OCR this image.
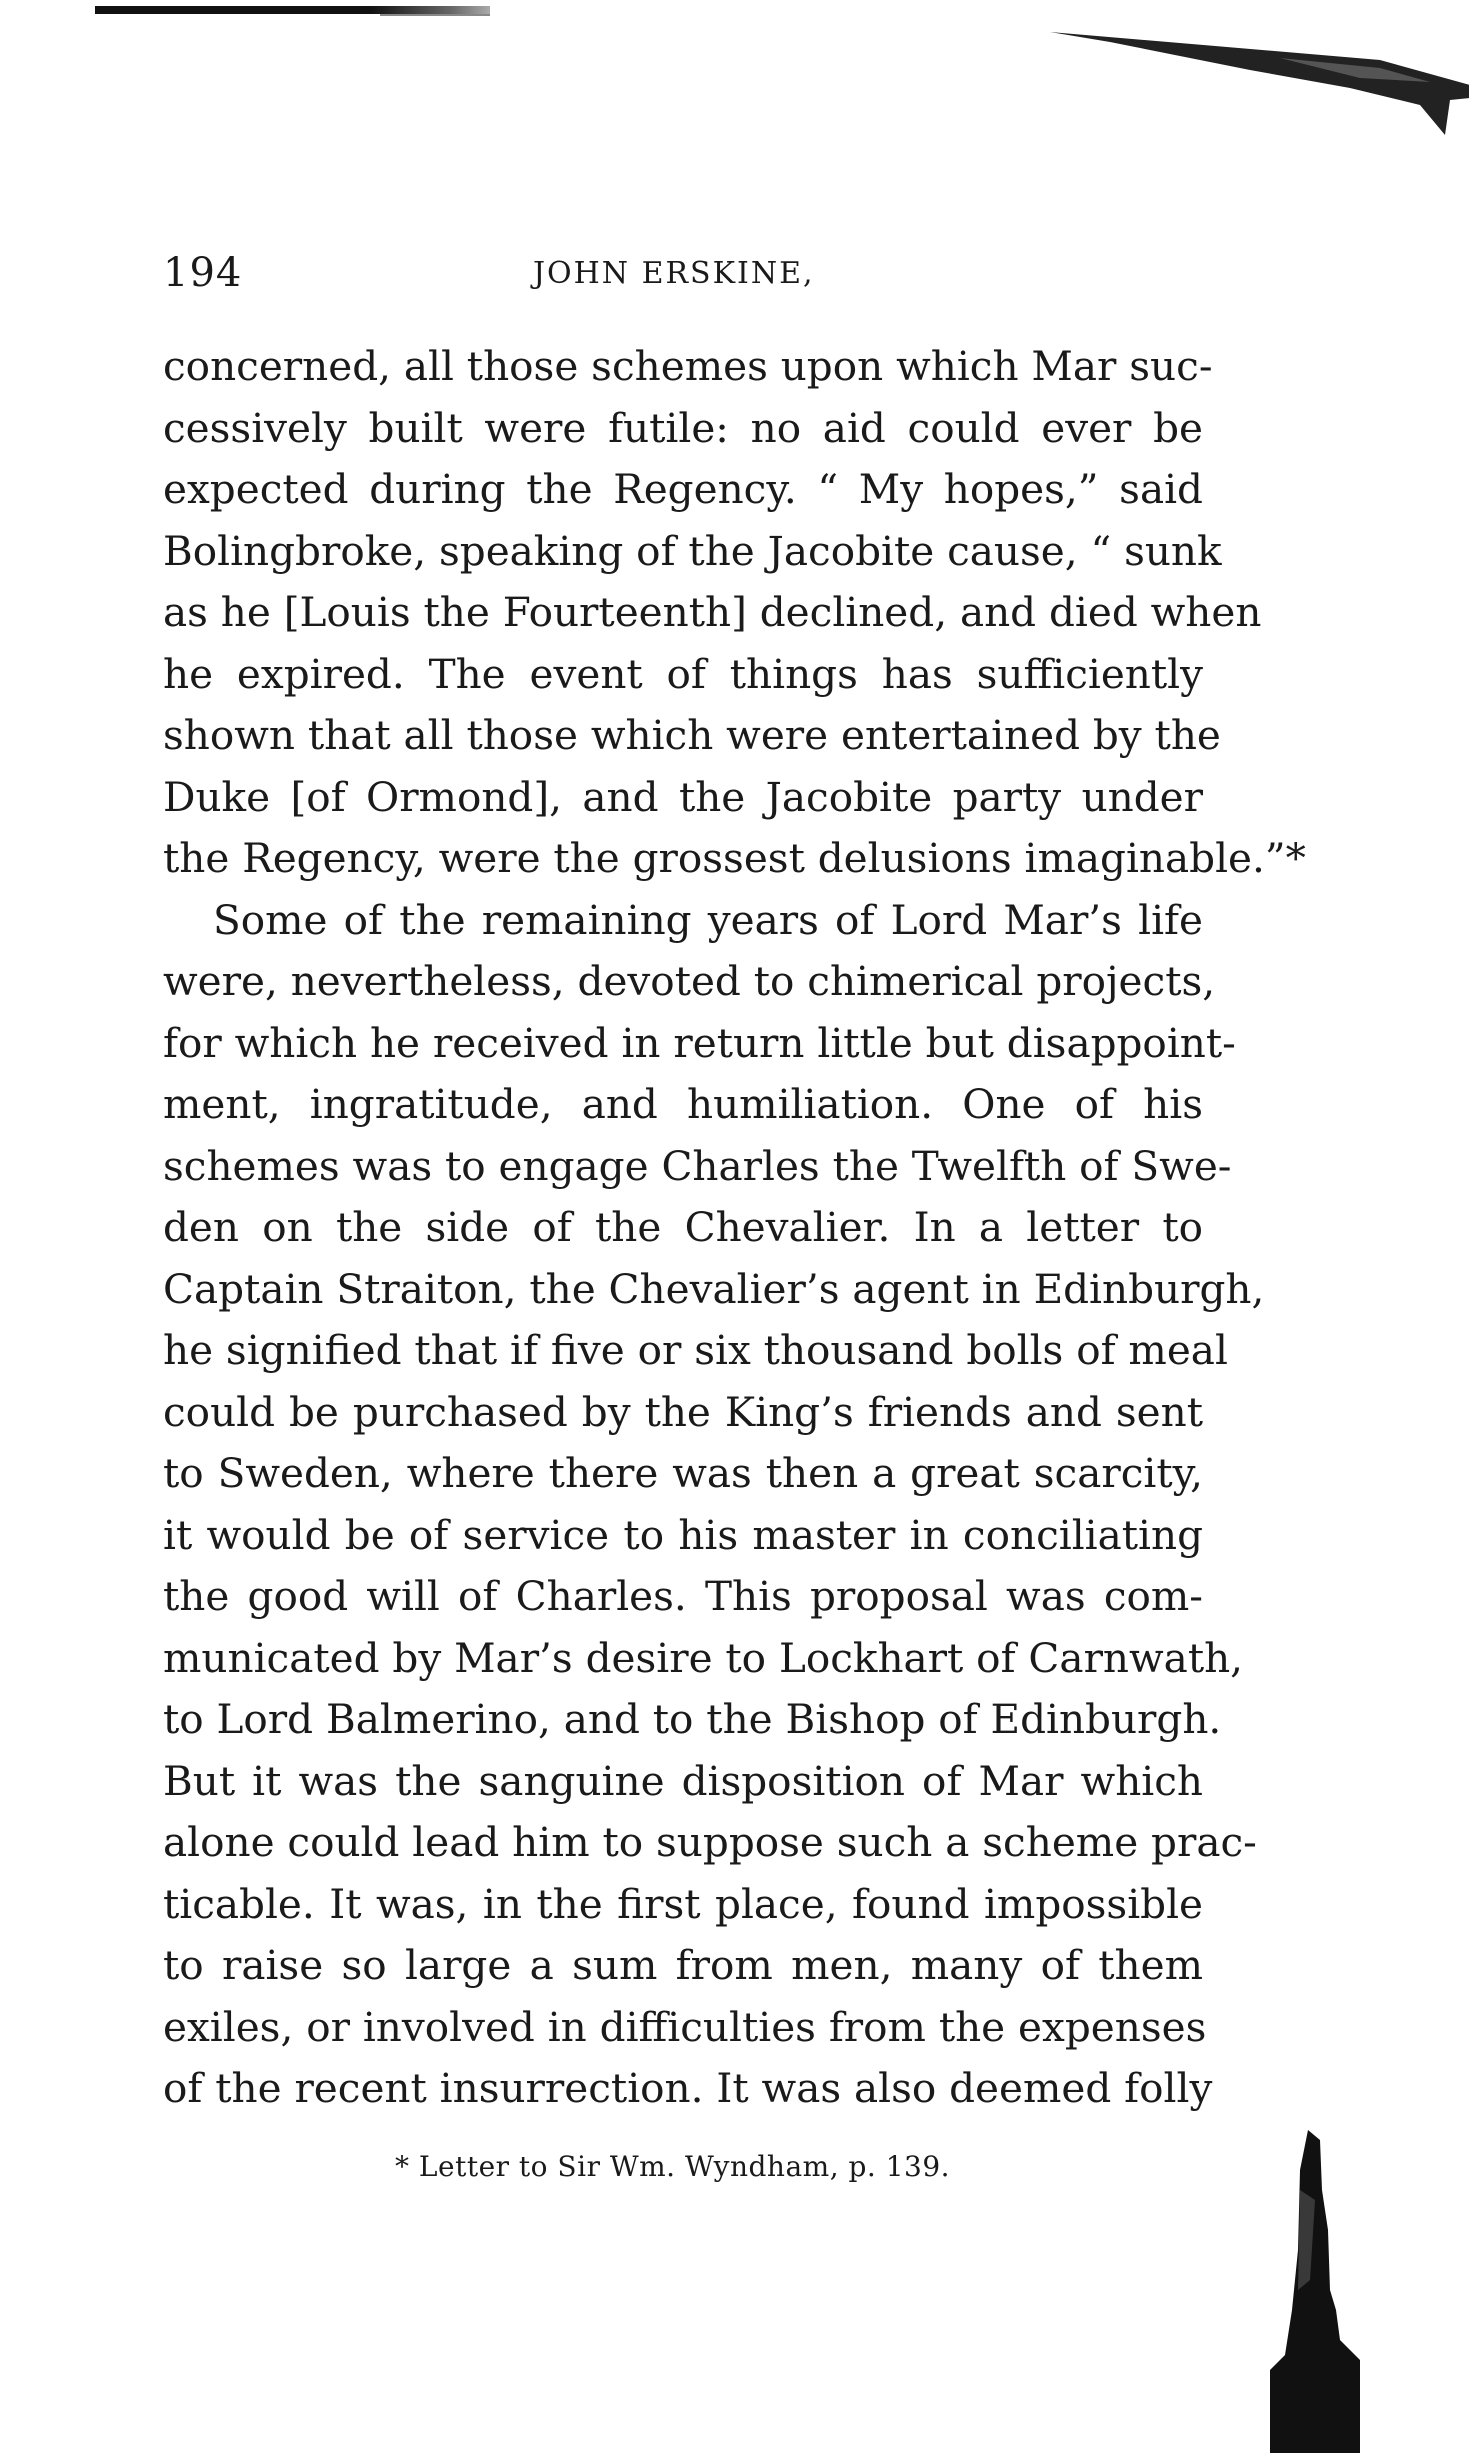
194	JOHN ERSKINE,
concerned, all those schemes upon which Mar suc-
cessively built were futile: no aid could ever be
expected during the Regency. “ My hopes,” said
Bolingbroke, speaking of the Jacobite cause, “ sunk
as he [Louis the Fourteenth] declined, and died when
he expired. The event of things has sufficiently
shown that all those which were entertained by the
Duke [of Ormond], and the Jacobite party under
the Regency, were the grossest delusions imaginable.”*
Some of the remaining years of Lord Mar’s life
were, nevertheless, devoted to chimerical projects,
for which he received in return little but disappoint-
ment, ingratitude, and humiliation. One of his
schemes was to engage Charles the Twelfth of Swe-
den on the side of the Chevalier. In a letter to
Captain Straiton, the Chevalier’s agent in Edinburgh,
he signified that if five or six thousand bolls of meal
could be purchased by the King’s friends and sent
to Sweden, where there was then a great scarcity,
it would be of service to his master in conciliating
the good will of Charles. This proposal was com-
municated by Mar’s desire to Lockhart of Carnwath,
to Lord Balmerino, and to the Bishop of Edinburgh.
But it was the sanguine disposition of Mar which
alone could lead him to suppose such a scheme prac-
ticable. It was, in the first place, found impossible
to raise so large a sum from men, many of them
exiles, or involved in difficulties from the expenses
of the recent insurrection. It was also deemed folly
* Letter to Sir Wm. Wyndham, p. 139.
